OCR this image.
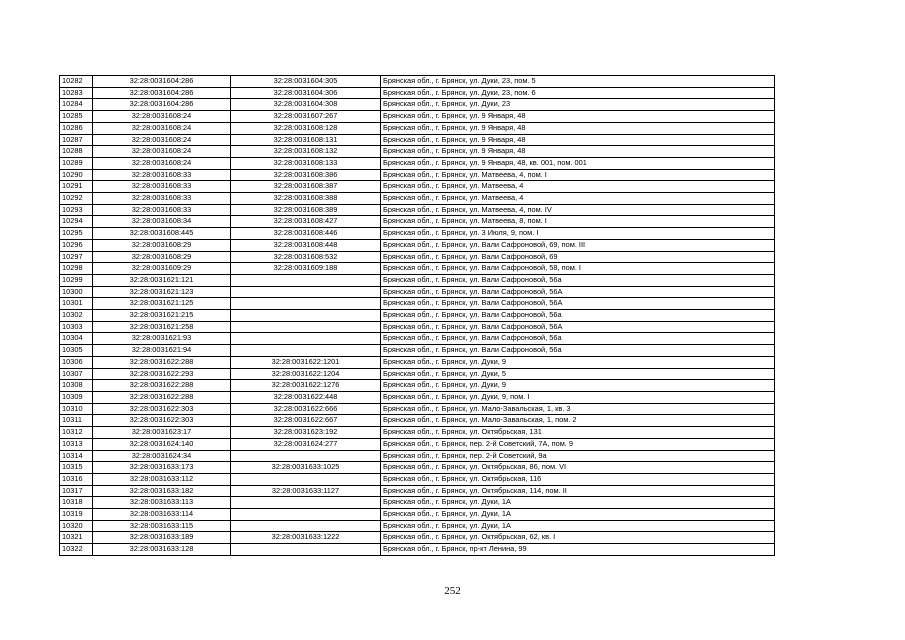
10282	32:28:0031604:286	32:28:0031604:305	Брянская обл., г. Брянск, ул. Дуки, 23, пом. 5
10283	32:28:0031604:286	32:28:0031604:306	Брянская обл., г. Брянск, ул. Дуки, 23, пом. 6
10284	32:28:0031604:286	32:28:0031604:308	Брянская обл., г. Брянск, ул. Дуки, 23
10285	32:28:0031608:24	32:28:0031607:267	Брянская обл., г. Брянск, ул. 9 Января, 48
10286	32:28:0031608:24	32:28:0031608:128	Брянская обл., г. Брянск, ул. 9 Января, 48
10287	32:28:0031608:24	32:28:0031608:131	Брянская обл., г. Брянск, ул. 9 Января, 48
10288	32:28:0031608:24	32:28:0031608:132	Брянская обл., г. Брянск, ул. 9 Января, 48
10289	32:28:0031608:24	32:28:0031608:133	Брянская обл., г. Брянск, ул. 9 Января, 48, кв. 001, пом. 001
10290	32:28:0031608:33	32:28:0031608:386	Брянская обл., г. Брянск, ул. Матвеева, 4, пом. I
10291	32:28:0031608:33	32:28:0031608:387	Брянская обл., г. Брянск, ул. Матвеева, 4
10292	32:28:0031608:33	32:28:0031608:388	Брянская обл., г. Брянск, ул. Матвеева, 4
10293	32:28:0031608:33	32:28:0031608:389	Брянская обл., г. Брянск, ул. Матвеева, 4, пом. IV
10294	32:28:0031608:34	32:28:0031608:427	Брянская обл., г. Брянск, ул. Матвеева, 8, пом. I
10295	32:28:0031608:445	32:28:0031608:446	Брянская обл., г. Брянск, ул. 3 Июля, 9, пом. I
10296	32:28:0031608:29	32:28:0031608:448	Брянская обл., г. Брянск, ул. Вали Сафроновой, 69, пом. III
10297	32:28:0031608:29	32:28:0031608:532	Брянская обл., г. Брянск, ул. Вали Сафроновой, 69
10298	32:28:0031609:29	32:28:0031609:188	Брянская обл., г. Брянск, ул. Вали Сафроновой, 58, пом. I
10299	32:28:0031621:121		Брянская обл., г. Брянск, ул. Вали Сафроновой, 56а
10300	32:28:0031621:123		Брянская обл., г. Брянск, ул. Вали Сафроновой, 56А
10301	32:28:0031621:125		Брянская обл., г. Брянск, ул. Вали Сафроновой, 56А
10302	32:28:0031621:215		Брянская обл., г. Брянск, ул. Вали Сафроновой, 56а
10303	32:28:0031621:258		Брянская обл., г. Брянск, ул. Вали Сафроновой, 56А
10304	32:28:0031621:93		Брянская обл., г. Брянск, ул. Вали Сафроновой, 56а
10305	32:28:0031621:94		Брянская обл., г. Брянск, ул. Вали Сафроновой, 56а
10306	32:28:0031622:288	32:28:0031622:1201	Брянская обл., г. Брянск, ул. Дуки, 9
10307	32:28:0031622:293	32:28:0031622:1204	Брянская обл., г. Брянск, ул. Дуки, 5
10308	32:28:0031622:288	32:28:0031622:1276	Брянская обл., г. Брянск, ул. Дуки, 9
10309	32:28:0031622:288	32:28:0031622:448	Брянская обл., г. Брянск, ул. Дуки, 9, пом. I
10310	32:28:0031622:303	32:28:0031622:666	Брянская обл., г. Брянск, ул. Мало-Завальская, 1, кв. 3
10311	32:28:0031622:303	32:28:0031622:667	Брянская обл., г. Брянск, ул. Мало-Завальская, 1, пом. 2
10312	32:28:0031623:17	32:28:0031623:192	Брянская обл., г. Брянск, ул. Октябрьская, 131
10313	32:28:0031624:140	32:28:0031624:277	Брянская обл., г. Брянск, пер. 2-й Советский, 7А, пом. 9
10314	32:28:0031624:34		Брянская обл., г. Брянск, пер. 2-й Советский, 9а
10315	32:28:0031633:173	32:28:0031633:1025	Брянская обл., г. Брянск, ул. Октябрьская, 86, пом. VI
10316	32:28:0031633:112		Брянская обл., г. Брянск, ул. Октябрьская, 116
10317	32:28:0031633:182	32:28:0031633:1127	Брянская обл., г. Брянск, ул. Октябрьская, 114, пом. II
10318	32:28:0031633:113		Брянская обл., г. Брянск, ул. Дуки, 1А
10319	32:28:0031633:114		Брянская обл., г. Брянск, ул. Дуки, 1А
10320	32:28:0031633:115		Брянская обл., г. Брянск, ул. Дуки, 1А
10321	32:28:0031633:189	32:28:0031633:1222	Брянская обл., г. Брянск, ул. Октябрьская, 62, кв. I
10322	32:28:0031633:128		Брянская обл., г. Брянск, пр-кт Ленина, 99
252
